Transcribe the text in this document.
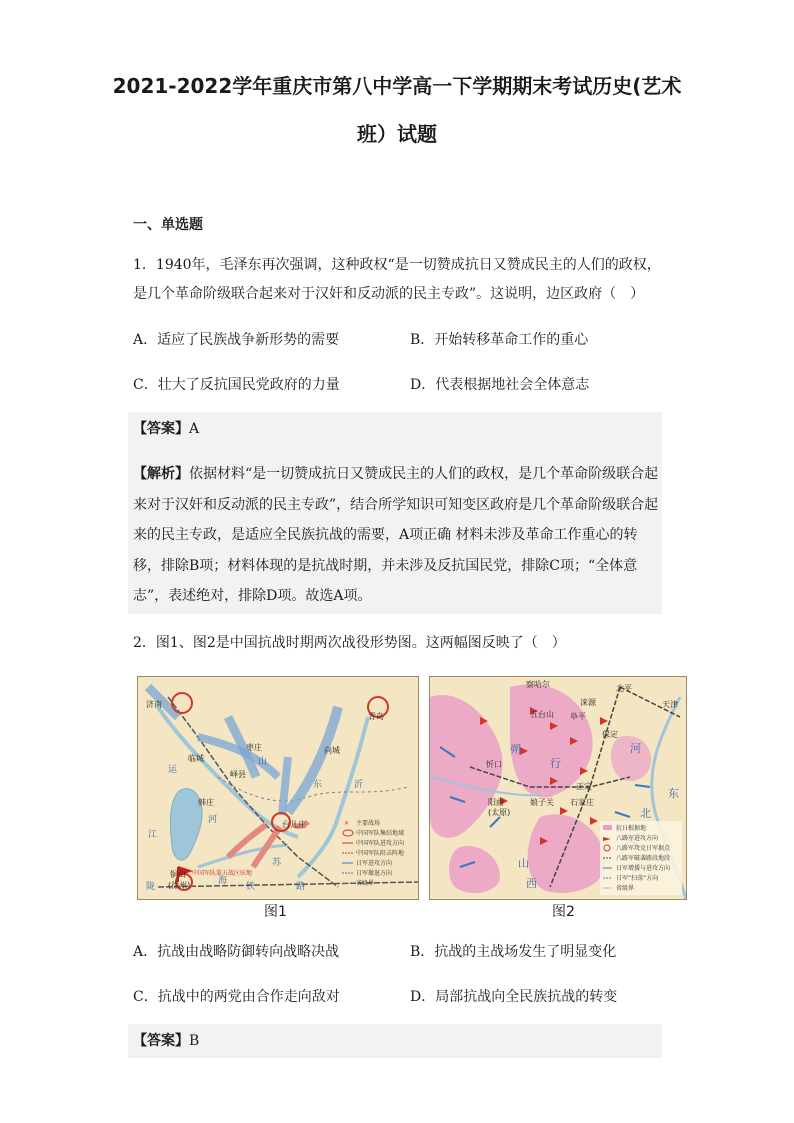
2021-2022学年重庆市第八中学高一下学期期末考试历史(艺术班）试题
一、单选题
1．1940年，毛泽东再次强调，这种政权“是一切赞成抗日又赞成民主的人们的政权，是几个革命阶级联合起来对于汉奸和反动派的民主专政”。这说明，边区政府（　）
A．适应了民族战争新形势的需要	B．开始转移革命工作的重心
C．壮大了反抗国民党政府的力量	D．代表根据地社会全体意志
【答案】A
【解析】依据材料“是一切赞成抗日又赞成民主的人们的政权，是几个革命阶级联合起来对于汉奸和反动派的民主专政”，结合所学知识可知变区政府是几个革命阶级联合起来的民主专政，是适应全民族抗战的需要，A项正确 材料未涉及革命工作重心的转移，排除B项；材料体现的是抗战时期，并未涉及反抗国民党，排除C项；“全体意志”，表述绝对，排除D项。故选A项。
2．图1、图2是中国抗战时期两次战役形势图。这两幅图反映了（　）
济南
枣庄	向城
临城
峄县
韩庄
台儿庄
青岛
铜山
(徐州)
山
东	沂
运
江
苏
河
陇
海
铁	路
中国军队第五战区驻地
主要战场
中国军队集结地域
中国军队进攻方向
中国军队阻击阵地
日军进攻方向
日军撤退方向
省级界
✕
图1
察哈尔	北平
天津
五台山 阜平
保定
涞源
忻口
阳曲
(太原)
娘子关 石家庄
正定
朔
行
山
西
河
北
东
抗日根据地
八路军进攻方向
八路军攻克日军据点
八路军破袭路段地段
日军增援与进攻方向
日军“扫荡”方向
省级界
图2
A．抗战由战略防御转向战略决战	B．抗战的主战场发生了明显变化
C．抗战中的两党由合作走向敌对	D．局部抗战向全民族抗战的转变
【答案】B
